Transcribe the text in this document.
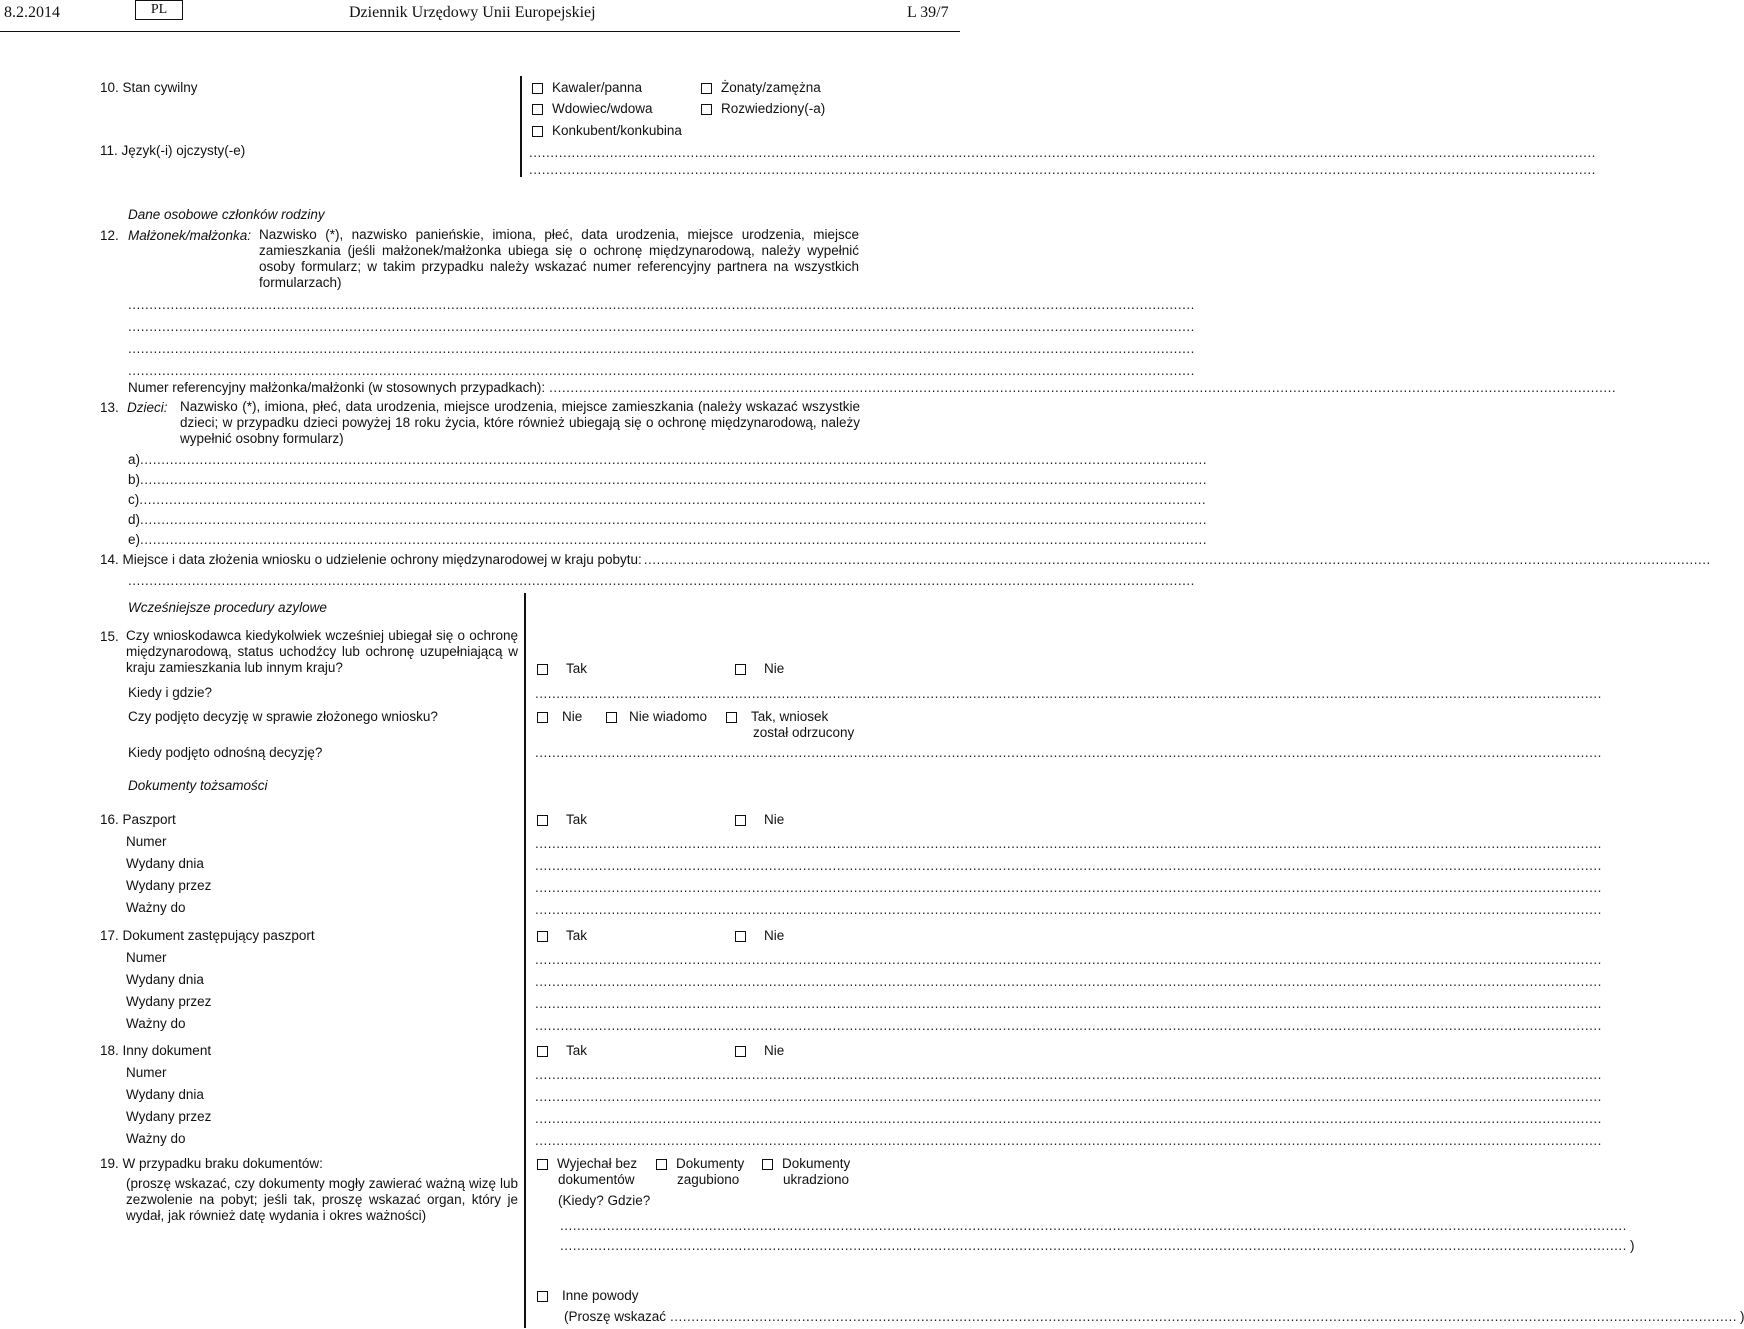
8.2.2014	PL	Dziennik Urzędowy Unii Europejskiej	L 39/7
10. Stan cywilny	Kawaler/panna	Żonaty/zamężna
Wdowiec/wdowa	Rozwiedziony(-a)
Konkubent/konkubina
11. Język(-i) ojczysty(-e)	...........................................................................................................................................................................................................................................................
...........................................................................................................................................................................................................................................................
Dane osobowe członków rodziny
12. Małżonek/małżonka: Nazwisko (*), nazwisko panieńskie, imiona, płeć, data urodzenia, miejsce urodzenia, miejsce zamieszkania (jeśli małżonek/małżonka ubiega się o ochronę międzynarodową, należy wypełnić osoby formularz; w takim przypadku należy wskazać numer referencyjny partnera na wszystkich formularzach)
...........................................................................................................................................................................................................................................................
...........................................................................................................................................................................................................................................................
...........................................................................................................................................................................................................................................................
...........................................................................................................................................................................................................................................................
Numer referencyjny małżonka/małżonki (w stosownych przypadkach): ...........................................................................................................................................................................................................................................................
13. Dzieci: Nazwisko (*), imiona, płeć, data urodzenia, miejsce urodzenia, miejsce zamieszkania (należy wskazać wszystkie dzieci; w przypadku dzieci powyżej 18 roku życia, które również ubiegają się o ochronę międzynarodową, należy wypełnić osobny formularz)
a) ...........................................................................................................................................................................................................................................................
b) ...........................................................................................................................................................................................................................................................
c) ...........................................................................................................................................................................................................................................................
d) ...........................................................................................................................................................................................................................................................
e) ...........................................................................................................................................................................................................................................................
14. Miejsce i data złożenia wniosku o udzielenie ochrony międzynarodowej w kraju pobytu: ...........................................................................................................................................................................................................................................................
...........................................................................................................................................................................................................................................................
Wcześniejsze procedury azylowe
15. Czy wnioskodawca kiedykolwiek wcześniej ubiegał się o ochronę międzynarodową, status uchodźcy lub ochronę uzupełniającą w kraju zamieszkania lub innym kraju?	Tak	Nie
Kiedy i gdzie?	...........................................................................................................................................................................................................................................................
Czy podjęto decyzję w sprawie złożonego wniosku?	Nie	Nie wiadomo	Tak, wniosek
został odrzucony
Kiedy podjęto odnośną decyzję?	...........................................................................................................................................................................................................................................................
Dokumenty tożsamości
16. Paszport	Tak	Nie
Numer	...........................................................................................................................................................................................................................................................
Wydany dnia	...........................................................................................................................................................................................................................................................
Wydany przez	...........................................................................................................................................................................................................................................................
Ważny do	...........................................................................................................................................................................................................................................................
17. Dokument zastępujący paszport	Tak	Nie
Numer	...........................................................................................................................................................................................................................................................
Wydany dnia	...........................................................................................................................................................................................................................................................
Wydany przez	...........................................................................................................................................................................................................................................................
Ważny do	...........................................................................................................................................................................................................................................................
18. Inny dokument	Tak	Nie
Numer	...........................................................................................................................................................................................................................................................
Wydany dnia	...........................................................................................................................................................................................................................................................
Wydany przez	...........................................................................................................................................................................................................................................................
Ważny do	...........................................................................................................................................................................................................................................................
19. W przypadku braku dokumentów:
(proszę wskazać, czy dokumenty mogły zawierać ważną wizę lub zezwolenie na pobyt; jeśli tak, proszę wskazać organ, który je wydał, jak również datę wydania i okres ważności)
Wyjechał bez
dokumentów
Dokumenty
zagubiono
Dokumenty
ukradziono
(Kiedy? Gdzie?
...........................................................................................................................................................................................................................................................
........................................................................................................................................................................................................................................................... )
Inne powody
(Proszę wskazać ...........................................................................................................................................................................................................................................................
